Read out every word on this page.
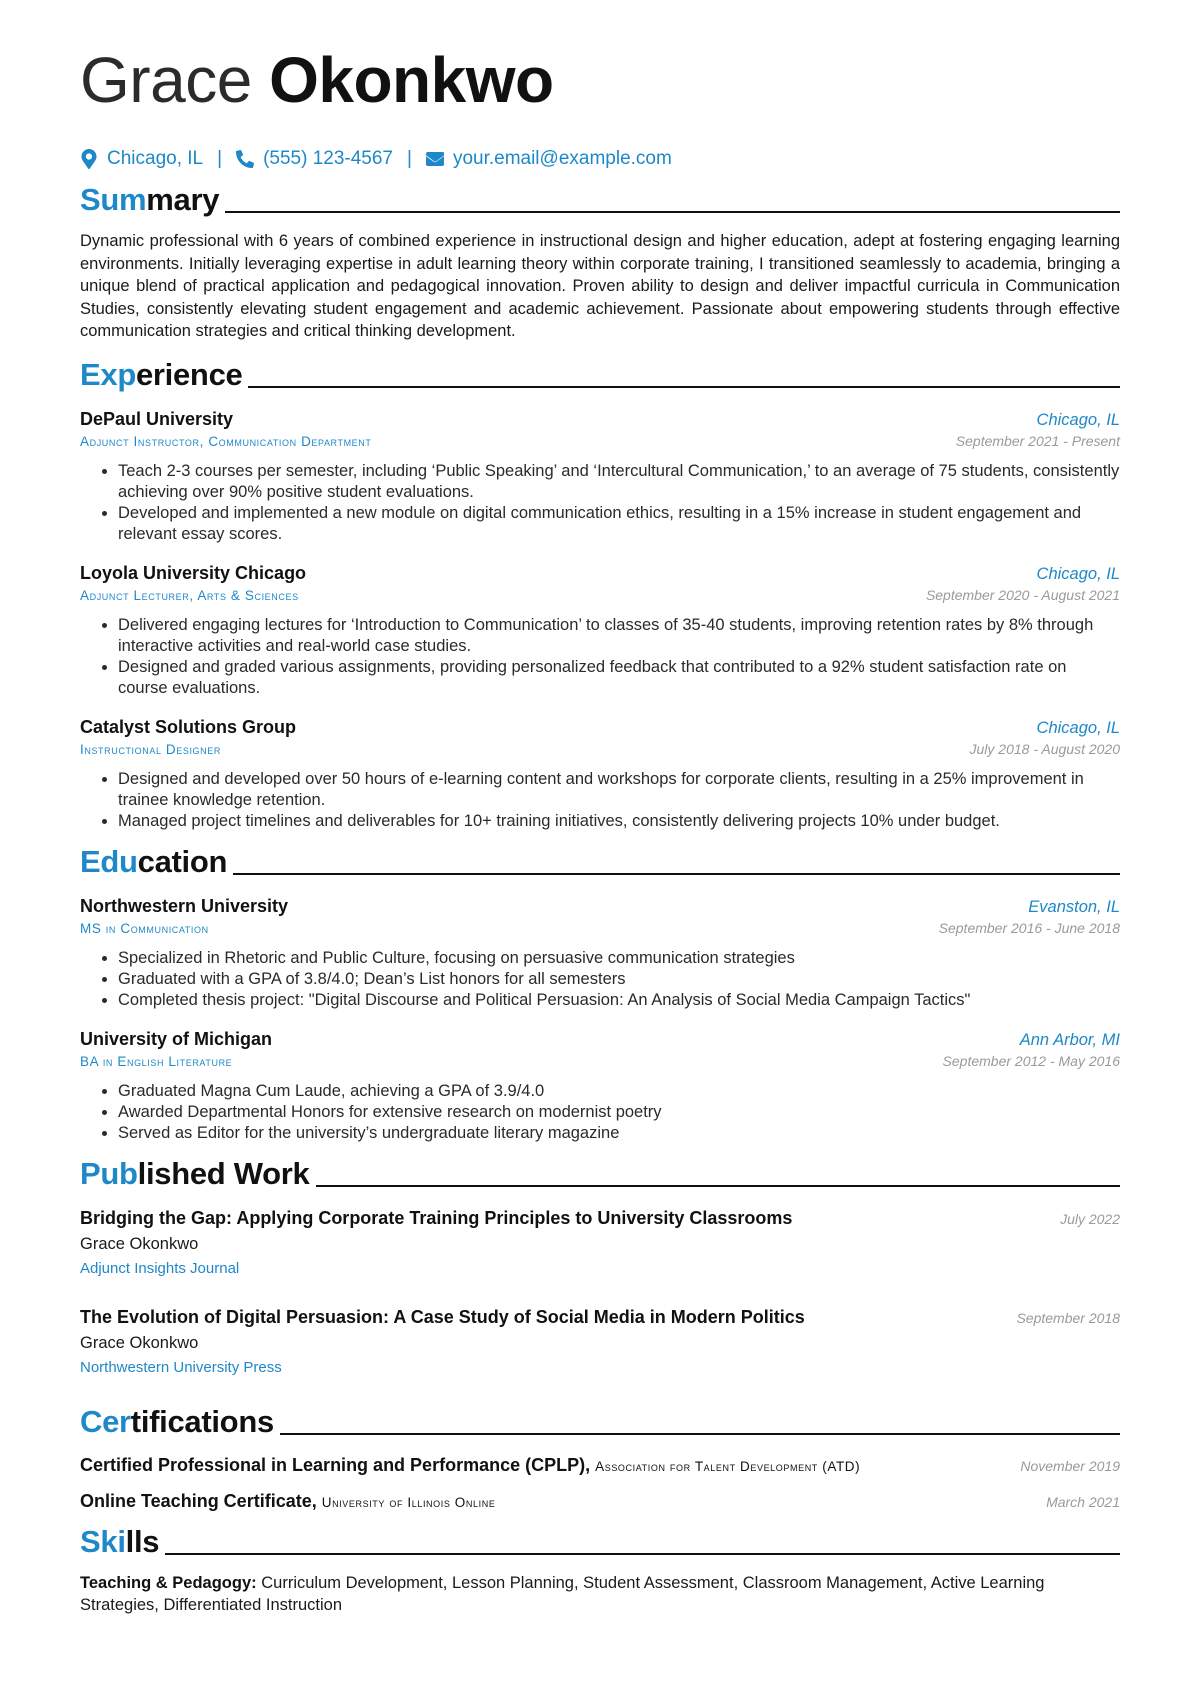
Grace Okonkwo
Chicago, IL | (555) 123-4567 | your.email@example.com
Summary
Dynamic professional with 6 years of combined experience in instructional design and higher education, adept at fostering engaging learning environments. Initially leveraging expertise in adult learning theory within corporate training, I transitioned seamlessly to academia, bringing a unique blend of practical application and pedagogical innovation. Proven ability to design and deliver impactful curricula in Communication Studies, consistently elevating student engagement and academic achievement. Passionate about empowering students through effective communication strategies and critical thinking development.
Experience
DePaul University	Chicago, IL
Adjunct Instructor, Communication Department	September 2021 - Present
• Teach 2-3 courses per semester, including ‘Public Speaking’ and ‘Intercultural Communication,’ to an average of 75 students, consistently achieving over 90% positive student evaluations.
• Developed and implemented a new module on digital communication ethics, resulting in a 15% increase in student engagement and relevant essay scores.
Loyola University Chicago	Chicago, IL
Adjunct Lecturer, Arts & Sciences	September 2020 - August 2021
• Delivered engaging lectures for ‘Introduction to Communication’ to classes of 35-40 students, improving retention rates by 8% through interactive activities and real-world case studies.
• Designed and graded various assignments, providing personalized feedback that contributed to a 92% student satisfaction rate on course evaluations.
Catalyst Solutions Group	Chicago, IL
Instructional Designer	July 2018 - August 2020
• Designed and developed over 50 hours of e-learning content and workshops for corporate clients, resulting in a 25% improvement in trainee knowledge retention.
• Managed project timelines and deliverables for 10+ training initiatives, consistently delivering projects 10% under budget.
Education
Northwestern University	Evanston, IL
MS in Communication	September 2016 - June 2018
• Specialized in Rhetoric and Public Culture, focusing on persuasive communication strategies
• Graduated with a GPA of 3.8/4.0; Dean’s List honors for all semesters
• Completed thesis project: "Digital Discourse and Political Persuasion: An Analysis of Social Media Campaign Tactics"
University of Michigan	Ann Arbor, MI
BA in English Literature	September 2012 - May 2016
• Graduated Magna Cum Laude, achieving a GPA of 3.9/4.0
• Awarded Departmental Honors for extensive research on modernist poetry
• Served as Editor for the university’s undergraduate literary magazine
Published Work
Bridging the Gap: Applying Corporate Training Principles to University Classrooms	July 2022
Grace Okonkwo
Adjunct Insights Journal
The Evolution of Digital Persuasion: A Case Study of Social Media in Modern Politics	September 2018
Grace Okonkwo
Northwestern University Press
Certifications
Certified Professional in Learning and Performance (CPLP), Association for Talent Development (ATD)	November 2019
Online Teaching Certificate, University of Illinois Online	March 2021
Skills
Teaching & Pedagogy: Curriculum Development, Lesson Planning, Student Assessment, Classroom Management, Active Learning Strategies, Differentiated Instruction
